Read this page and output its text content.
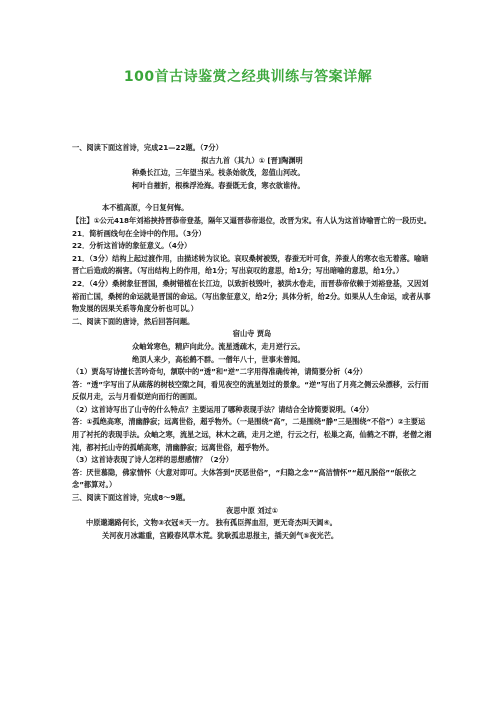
100首古诗鉴赏之经典训练与答案详解
一、阅读下面这首诗，完成21—22题。（7分）
拟古九首（其九）① [晋]陶渊明
种桑长江边，三年望当采。枝条始欲茂，忽值山河改。
柯叶自摧折，根株浮沧海。春蚕既无食，寒衣欲谁待。
本不植高原，今日复何悔。
【注】①公元418年刘裕挟持晋恭帝登基，隔年又逼晋恭帝退位，改晋为宋。有人认为这首诗喻晋亡的一段历史。
21．简析画线句在全诗中的作用。（3分）
22．分析这首诗的象征意义。（4分）
21．（3分）结构上起过渡作用，由描述转为议论。哀叹桑树被毁，春蚕无叶可食，养蚕人的寒衣也无着落。喻暗晋亡后造成的祸害。（写出结构上的作用，给1分；写出哀叹的意思，给1分；写出暗喻的意思，给1分。）
22．（4分）桑树象征晋国，桑树错植在长江边，以致折枝毁叶，被洪水卷走，而晋恭帝依赖于刘裕登基，又因刘裕而亡国，桑树的命运就是晋国的命运。（写出象征意义，给2分；具体分析，给2分。如果从人生命运，或者从事物发展的因果关系等角度分析也可以。）
二、阅读下面的唐诗，然后回答问题。
宿山寺 贾岛
众岫耸寒色，精庐向此分。流星透疏木，走月逆行云。
绝顶人来少，高松鹤不群。一僧年八十，世事未曾闻。
（1）贾岛写诗擅长苦吟奇句，颔联中的“透”和“逆”二字用得准确传神，请简要分析（4分）
答：“透”字写出了从疏落的树枝空隙之间，看见夜空的流星划过的景象。“逆”写出了月亮之侧云朵漂移，云行而反似月走，云与月看似逆向而行的画面。
（2）这首诗写出了山寺的什么特点？主要运用了哪种表现手法？请结合全诗简要说明。（4分）
答：①孤绝高寒，清幽静寂；远离世俗，超乎物外。（一是围绕“高”，二是围绕“静”三是围绕“不俗”）②主要运用了衬托的表现手法。众岫之寒，流星之远，林木之疏，走月之逆，行云之行，松巢之高，仙鹤之不群，老僧之湘沌，都衬托山寺的孤峭高寒，清幽静寂；远离世俗，超乎物外。
（3）这首诗表现了诗人怎样的思想感情？（2分）
答：厌世慕隐，佛家情怀（大意对即可。大体答到“厌恶世俗”，“归隐之念”“高洁情怀”“超凡脱俗”“皈依之念”都算对。）
三、阅读下面这首诗，完成8～9题。
夜思中原 刘过①
中原邈邈路何长，文物③衣冠④天一方。 独有孤臣挥血泪，更无奇杰叫天阊④。
关河夜月冰霜重，宫殿春风草木荒。犹耿孤忠思报主，插天剑气⑤夜光芒。
